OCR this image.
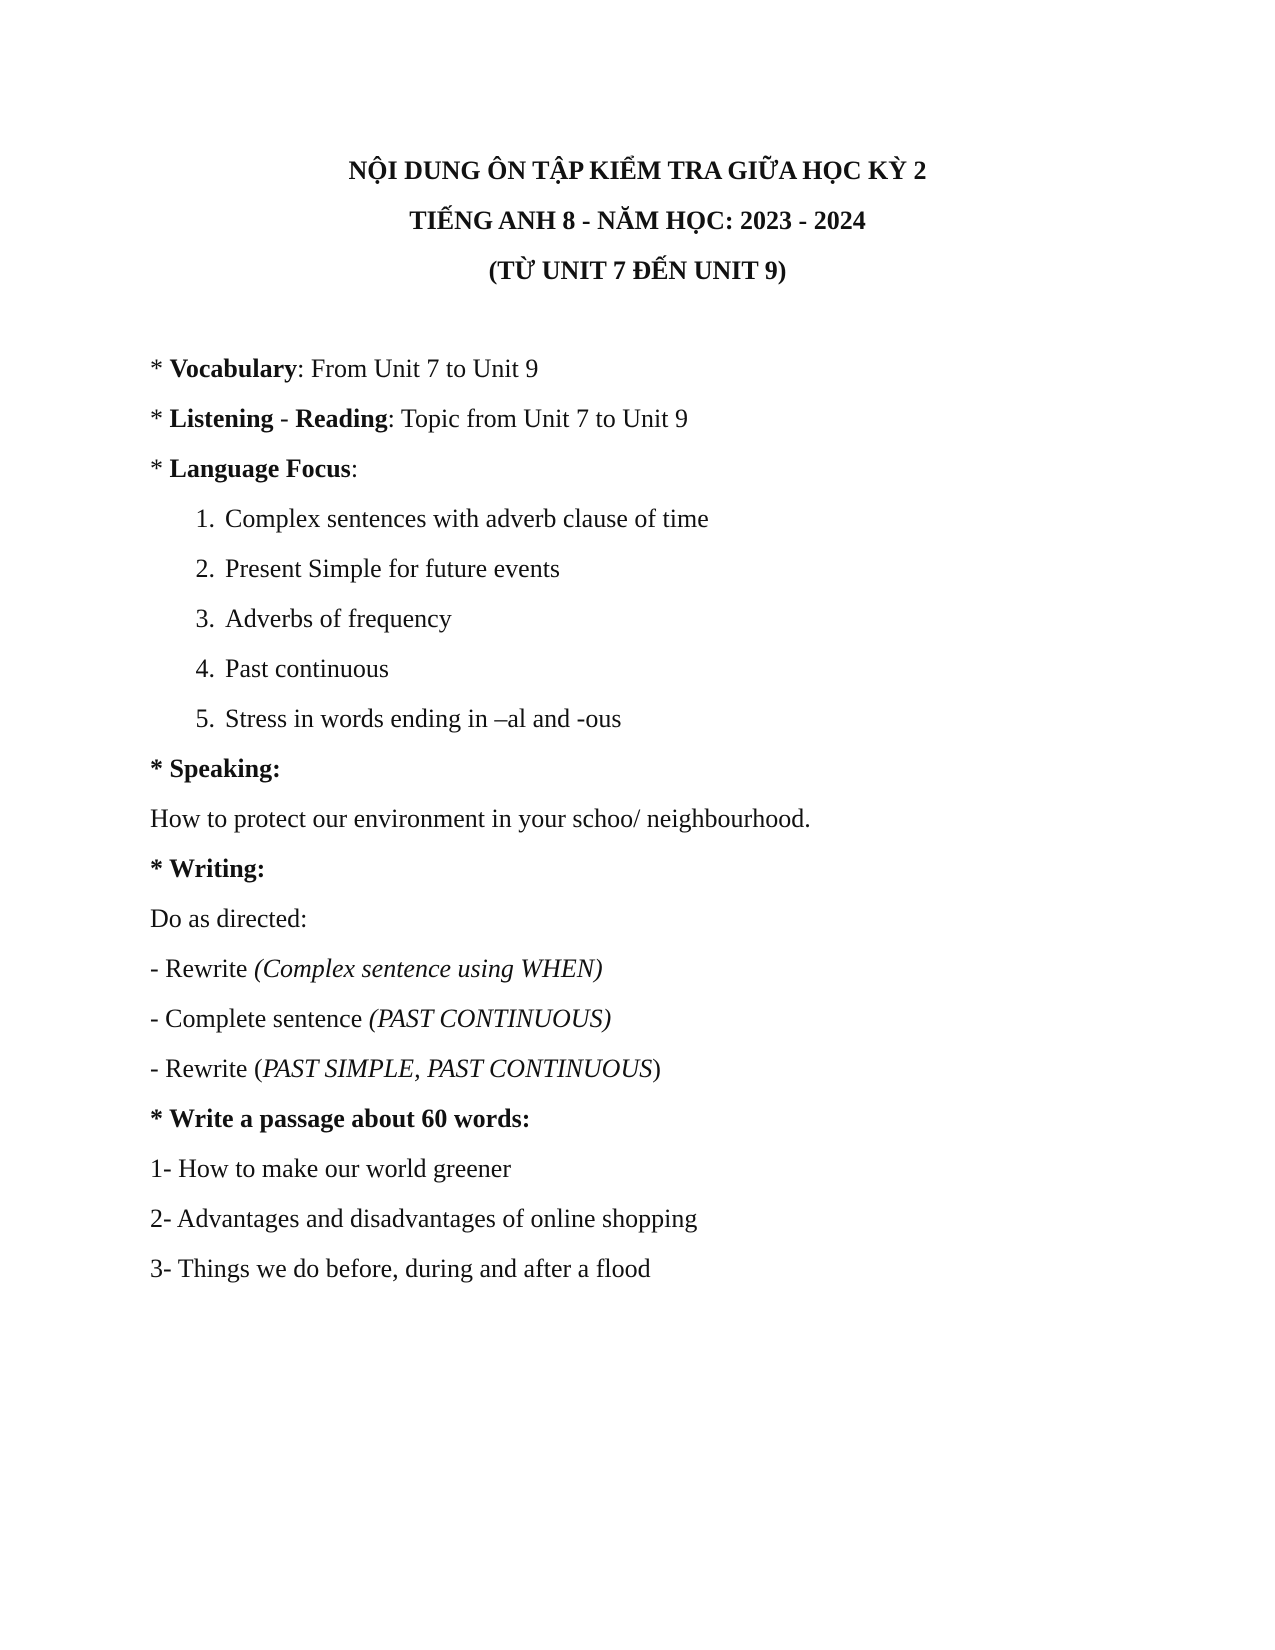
NỘI DUNG ÔN TẬP KIỂM TRA GIỮA HỌC KỲ 2
TIẾNG ANH 8 - NĂM HỌC: 2023 - 2024
(TỪ UNIT 7 ĐẾN UNIT 9)
* Vocabulary: From Unit 7 to Unit 9
* Listening - Reading: Topic from Unit 7 to Unit 9
* Language Focus:
1. Complex sentences with adverb clause of time
2. Present Simple for future events
3. Adverbs of frequency
4. Past continuous
5. Stress in words ending in –al and -ous
* Speaking:
How to protect our environment in your schoo/ neighbourhood.
* Writing:
Do as directed:
- Rewrite (Complex sentence using WHEN)
- Complete sentence (PAST CONTINUOUS)
- Rewrite (PAST SIMPLE, PAST CONTINUOUS)
* Write a passage about 60 words:
1- How to make our world greener
2- Advantages and disadvantages of online shopping
3- Things we do before, during and after a flood
